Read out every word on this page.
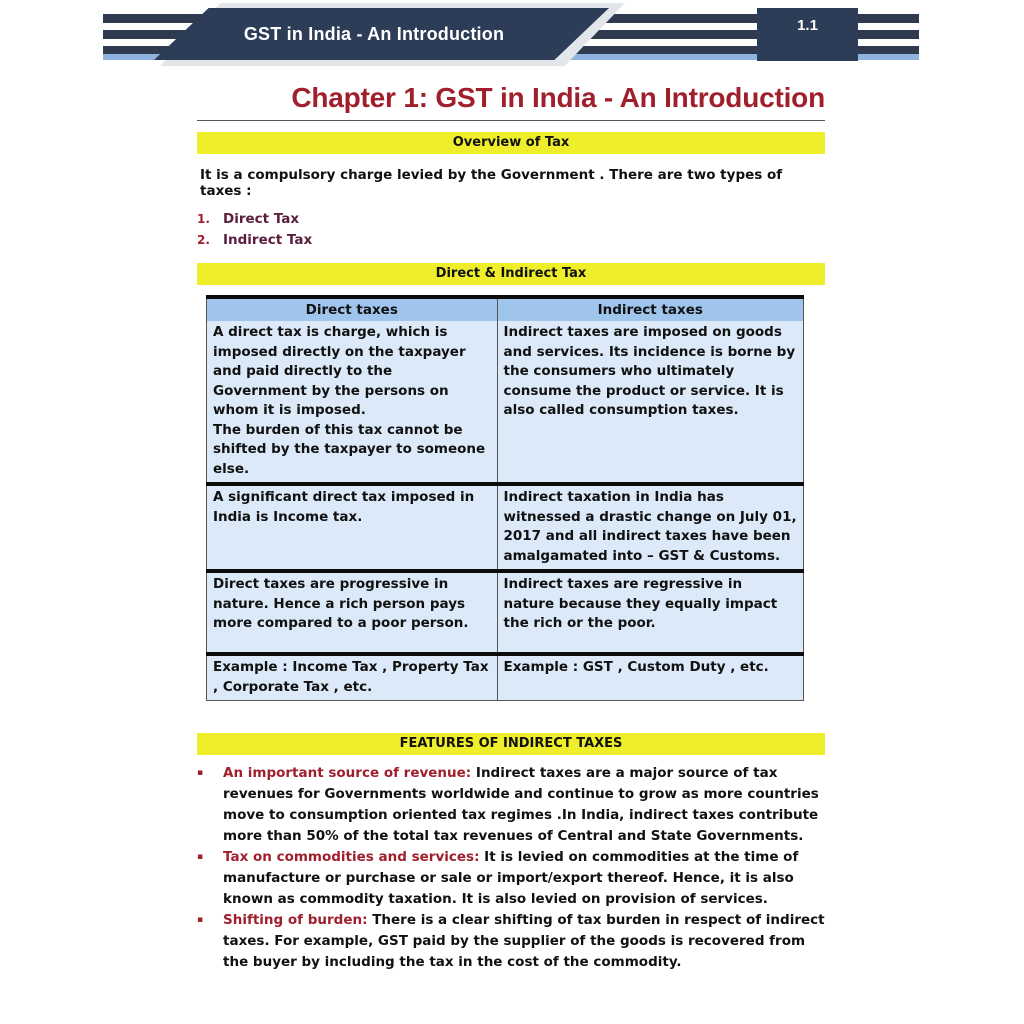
GST in India - An Introduction	1.1
Chapter 1: GST in India - An Introduction
Overview of Tax

It is a compulsory charge levied by the Government . There are two types of taxes :

1. Direct Tax
2. Indirect Tax
Direct & Indirect Tax
Direct taxes	Indirect taxes
A direct tax is charge, which is imposed directly on the taxpayer and paid directly to the Government by the persons on whom it is imposed.
The burden of this tax cannot be shifted by the taxpayer to someone else.	Indirect taxes are imposed on goods and services. Its incidence is borne by the consumers who ultimately consume the product or service. It is also called consumption taxes.
A significant direct tax imposed in India is Income tax.	Indirect taxation in India has witnessed a drastic change on July 01, 2017 and all indirect taxes have been amalgamated into – GST & Customs.
Direct taxes are progressive in nature. Hence a rich person pays more compared to a poor person.	Indirect taxes are regressive in nature because they equally impact the rich or the poor.
Example : Income Tax , Property Tax , Corporate Tax , etc.	Example : GST , Custom Duty , etc.
FEATURES OF INDIRECT TAXES
▪	An important source of revenue: Indirect taxes are a major source of tax revenues for Governments worldwide and continue to grow as more countries move to consumption oriented tax regimes .In India, indirect taxes contribute more than 50% of the total tax revenues of Central and State Governments.
▪	Tax on commodities and services: It is levied on commodities at the time of manufacture or purchase or sale or import/export thereof. Hence, it is also known as commodity taxation. It is also levied on provision of services.
▪	Shifting of burden: There is a clear shifting of tax burden in respect of indirect taxes. For example, GST paid by the supplier of the goods is recovered from the buyer by including the tax in the cost of the commodity.
